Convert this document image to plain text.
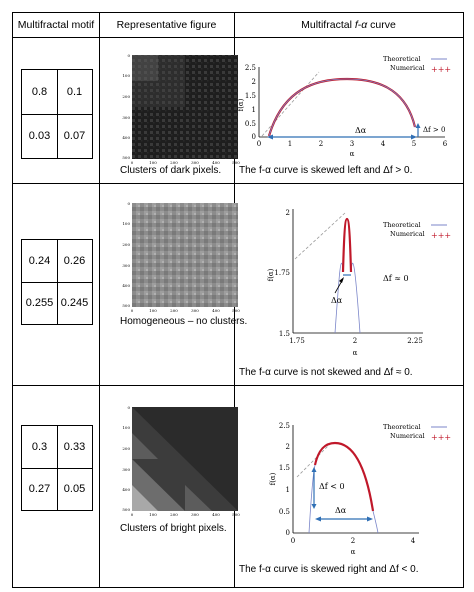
Multifractal motif	Representative figure	Multifractal f-α curve
0.8	0.1
0.03	0.07
0
100
200
300
400
500
0	100	200	300	400	500
Clusters of dark pixels.
Δα	Δf > 0
0	1	2	3	4	5	6
0
0.5
1
1.5
2
2.5
α
f(α)
Theoretical
Numerical +++
The f-α curve is skewed left and Δf > 0.
0.24	0.26
0.255 0.245
0
100
200
300
400
500
0	100	200	300	400	500
Homogeneous – no clusters.
Δα
Δf ≈ 0
1.75	2	2.25
1.5
1.75
2
α
f(α)
Theoretical
Numerical +++
The f-α curve is not skewed and Δf ≈ 0.
0.3	0.33
0.27	0.05
0
100
200
300
400
500
0	100	200	300	400	500
Clusters of bright pixels.
Δf < 0
Δα
0	2	4
0
0.5
1
1.5
2
2.5
α
f(α)
Theoretical
Numerical +++
The f-α curve is skewed right and Δf < 0.
